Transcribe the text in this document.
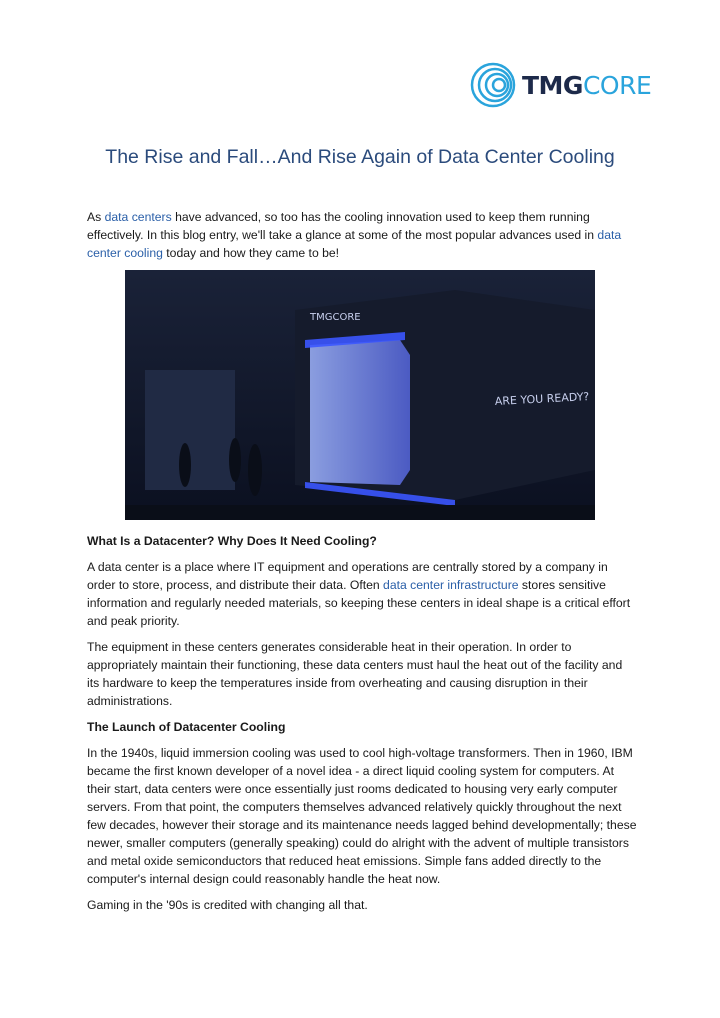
TMGCORE
The Rise and Fall…And Rise Again of Data Center Cooling

As data centers have advanced, so too has the cooling innovation used to keep them running effectively. In this blog entry, we'll take a glance at some of the most popular advances used in data center cooling today and how they came to be!

ARE YOU READY?
TMGCORE
What Is a Datacenter? Why Does It Need Cooling?

A data center is a place where IT equipment and operations are centrally stored by a company in order to store, process, and distribute their data. Often data center infrastructure stores sensitive information and regularly needed materials, so keeping these centers in ideal shape is a critical effort and peak priority.

The equipment in these centers generates considerable heat in their operation. In order to appropriately maintain their functioning, these data centers must haul the heat out of the facility and its hardware to keep the temperatures inside from overheating and causing disruption in their administrations.

The Launch of Datacenter Cooling

In the 1940s, liquid immersion cooling was used to cool high-voltage transformers. Then in 1960, IBM became the first known developer of a novel idea - a direct liquid cooling system for computers. At their start, data centers were once essentially just rooms dedicated to housing very early computer servers. From that point, the computers themselves advanced relatively quickly throughout the next few decades, however their storage and its maintenance needs lagged behind developmentally; these newer, smaller computers (generally speaking) could do alright with the advent of multiple transistors and metal oxide semiconductors that reduced heat emissions. Simple fans added directly to the computer's internal design could reasonably handle the heat now.

Gaming in the '90s is credited with changing all that.
